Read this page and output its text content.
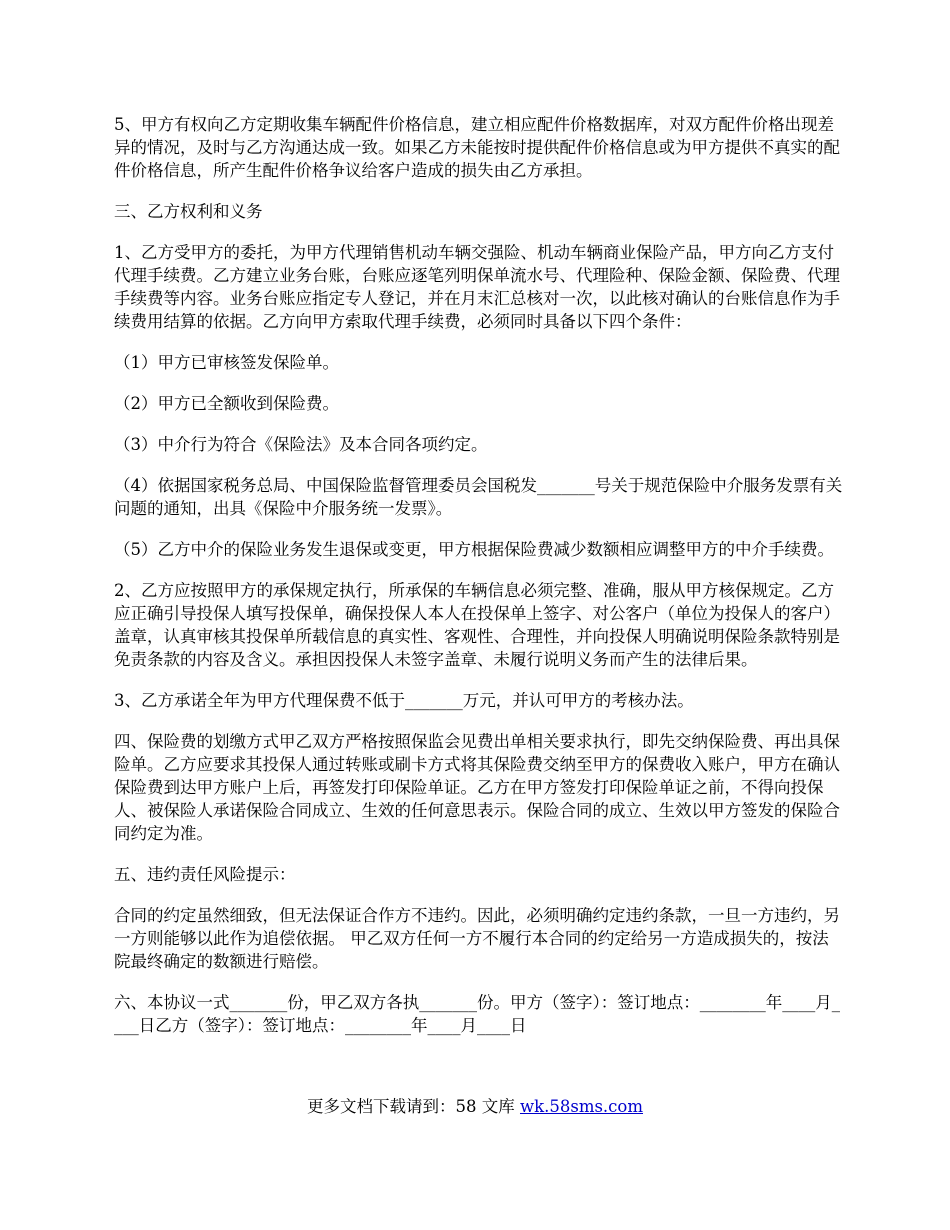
5、甲方有权向乙方定期收集车辆配件价格信息，建立相应配件价格数据库，对双方配件价格出现差异的情况，及时与乙方沟通达成一致。如果乙方未能按时提供配件价格信息或为甲方提供不真实的配件价格信息，所产生配件价格争议给客户造成的损失由乙方承担。

三、乙方权利和义务

1、乙方受甲方的委托，为甲方代理销售机动车辆交强险、机动车辆商业保险产品，甲方向乙方支付代理手续费。乙方建立业务台账，台账应逐笔列明保单流水号、代理险种、保险金额、保险费、代理手续费等内容。业务台账应指定专人登记，并在月末汇总核对一次，以此核对确认的台账信息作为手续费用结算的依据。乙方向甲方索取代理手续费，必须同时具备以下四个条件：

（1）甲方已审核签发保险单。

（2）甲方已全额收到保险费。

（3）中介行为符合《保险法》及本合同各项约定。

（4）依据国家税务总局、中国保险监督管理委员会国税发_______号关于规范保险中介服务发票有关问题的通知，出具《保险中介服务统一发票》。

（5）乙方中介的保险业务发生退保或变更，甲方根据保险费减少数额相应调整甲方的中介手续费。

2、乙方应按照甲方的承保规定执行，所承保的车辆信息必须完整、准确，服从甲方核保规定。乙方应正确引导投保人填写投保单，确保投保人本人在投保单上签字、对公客户（单位为投保人的客户）盖章，认真审核其投保单所载信息的真实性、客观性、合理性，并向投保人明确说明保险条款特别是免责条款的内容及含义。承担因投保人未签字盖章、未履行说明义务而产生的法律后果。

3、乙方承诺全年为甲方代理保费不低于_______万元，并认可甲方的考核办法。

四、保险费的划缴方式甲乙双方严格按照保监会见费出单相关要求执行，即先交纳保险费、再出具保险单。乙方应要求其投保人通过转账或刷卡方式将其保险费交纳至甲方的保费收入账户，甲方在确认保险费到达甲方账户上后，再签发打印保险单证。乙方在甲方签发打印保险单证之前，不得向投保人、被保险人承诺保险合同成立、生效的任何意思表示。保险合同的成立、生效以甲方签发的保险合同约定为准。

五、违约责任风险提示：

合同的约定虽然细致，但无法保证合作方不违约。因此，必须明确约定违约条款，一旦一方违约，另一方则能够以此作为追偿依据。 甲乙双方任何一方不履行本合同的约定给另一方造成损失的，按法院最终确定的数额进行赔偿。

六、本协议一式_______份，甲乙双方各执_______份。甲方（签字）：签订地点：________年____月____日乙方（签字）：签订地点：________年____月____日

更多文档下载请到：58 文库 wk.58sms.com
